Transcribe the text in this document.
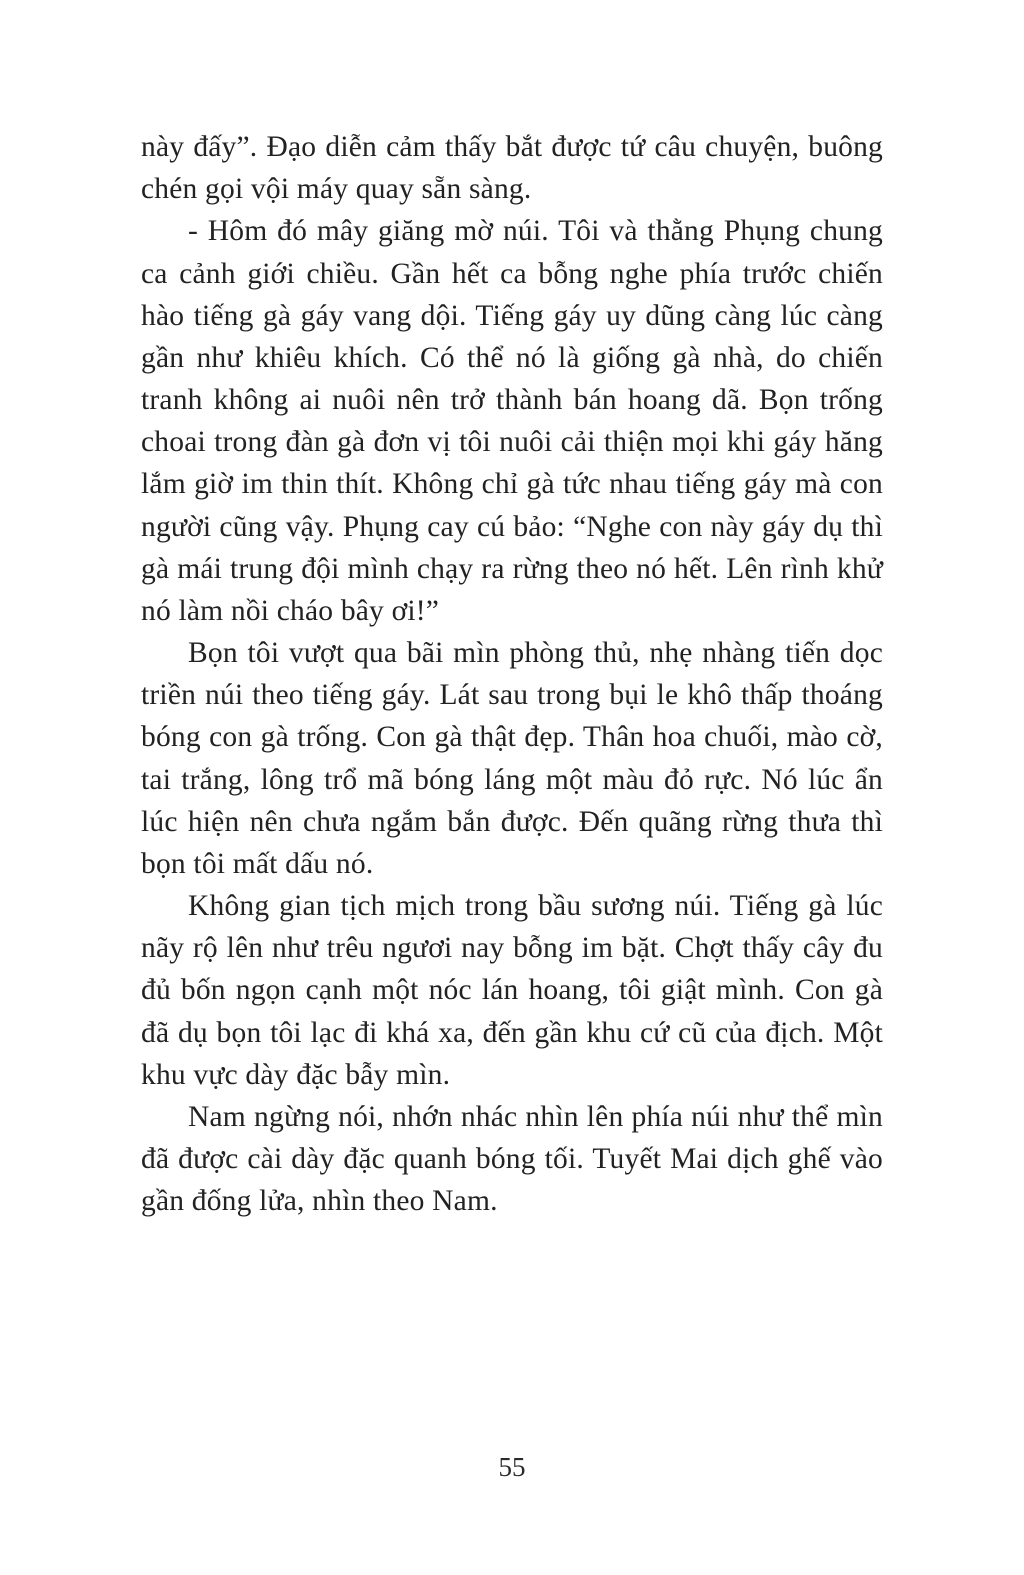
này đấy”. Đạo diễn cảm thấy bắt được tứ câu chuyện, buông chén gọi vội máy quay sẵn sàng.

- Hôm đó mây giăng mờ núi. Tôi và thằng Phụng chung ca cảnh giới chiều. Gần hết ca bỗng nghe phía trước chiến hào tiếng gà gáy vang dội. Tiếng gáy uy dũng càng lúc càng gần như khiêu khích. Có thể nó là giống gà nhà, do chiến tranh không ai nuôi nên trở thành bán hoang dã. Bọn trống choai trong đàn gà đơn vị tôi nuôi cải thiện mọi khi gáy hăng lắm giờ im thin thít. Không chỉ gà tức nhau tiếng gáy mà con người cũng vậy. Phụng cay cú bảo: “Nghe con này gáy dụ thì gà mái trung đội mình chạy ra rừng theo nó hết. Lên rình khử nó làm nồi cháo bây ơi!”

Bọn tôi vượt qua bãi mìn phòng thủ, nhẹ nhàng tiến dọc triền núi theo tiếng gáy. Lát sau trong bụi le khô thấp thoáng bóng con gà trống. Con gà thật đẹp. Thân hoa chuối, mào cờ, tai trắng, lông trổ mã bóng láng một màu đỏ rực. Nó lúc ẩn lúc hiện nên chưa ngắm bắn được. Đến quãng rừng thưa thì bọn tôi mất dấu nó.

Không gian tịch mịch trong bầu sương núi. Tiếng gà lúc nãy rộ lên như trêu ngươi nay bỗng im bặt. Chợt thấy cây đu đủ bốn ngọn cạnh một nóc lán hoang, tôi giật mình. Con gà đã dụ bọn tôi lạc đi khá xa, đến gần khu cứ cũ của địch. Một khu vực dày đặc bẫy mìn.

Nam ngừng nói, nhớn nhác nhìn lên phía núi như thể mìn đã được cài dày đặc quanh bóng tối. Tuyết Mai dịch ghế vào gần đống lửa, nhìn theo Nam.

55
